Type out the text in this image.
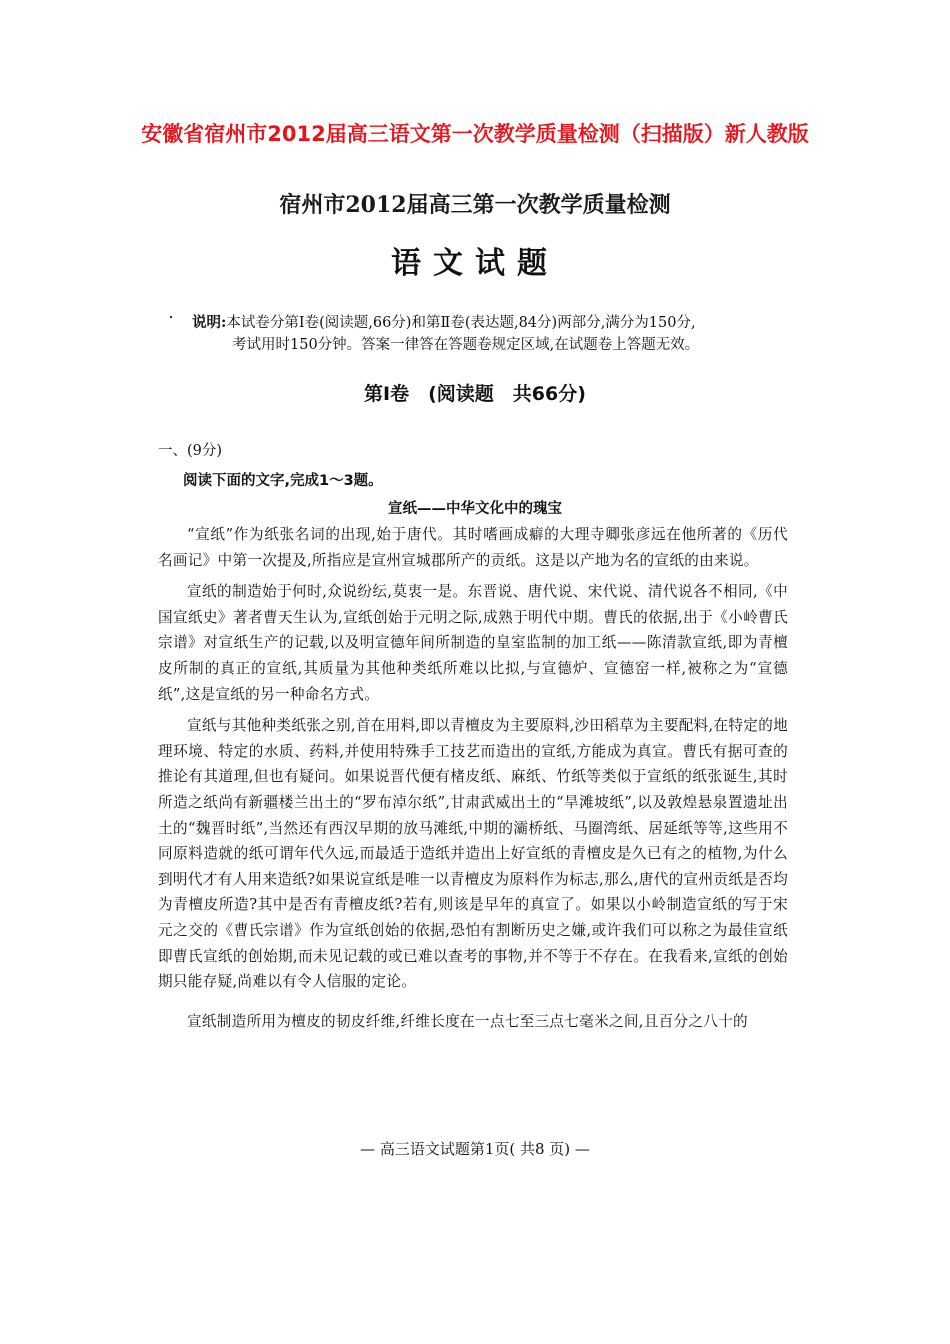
安徽省宿州市2012届高三语文第一次教学质量检测（扫描版）新人教版
宿州市2012届高三第一次教学质量检测
语文试题
说明:本试卷分第Ⅰ卷(阅读题,66分)和第Ⅱ卷(表达题,84分)两部分,满分为150分,
考试用时150分钟。答案一律答在答题卷规定区域,在试题卷上答题无效。
第Ⅰ卷　(阅读题　共66分)
一、(9分)
阅读下面的文字,完成1～3题。
宣纸——中华文化中的瑰宝

“宣纸”作为纸张名词的出现,始于唐代。其时嗜画成癖的大理寺卿张彦远在他所著的《历代名画记》中第一次提及,所指应是宣州宣城郡所产的贡纸。这是以产地为名的宣纸的由来说。

宣纸的制造始于何时,众说纷纭,莫衷一是。东晋说、唐代说、宋代说、清代说各不相同,《中国宣纸史》著者曹天生认为,宣纸创始于元明之际,成熟于明代中期。曹氏的依据,出于《小岭曹氏宗谱》对宣纸生产的记载,以及明宣德年间所制造的皇室监制的加工纸——陈清款宣纸,即为青檀皮所制的真正的宣纸,其质量为其他种类纸所难以比拟,与宣德炉、宣德窑一样,被称之为“宣德纸”,这是宣纸的另一种命名方式。

宣纸与其他种类纸张之别,首在用料,即以青檀皮为主要原料,沙田稻草为主要配料,在特定的地理环境、特定的水质、药料,并使用特殊手工技艺而造出的宣纸,方能成为真宣。曹氏有据可查的推论有其道理,但也有疑问。如果说晋代便有楮皮纸、麻纸、竹纸等类似于宣纸的纸张诞生,其时所造之纸尚有新疆楼兰出土的“罗布淖尔纸”,甘肃武威出土的“旱滩坡纸”,以及敦煌悬泉置遗址出土的“魏晋时纸”,当然还有西汉早期的放马滩纸,中期的灞桥纸、马圈湾纸、居延纸等等,这些用不同原料造就的纸可谓年代久远,而最适于造纸并造出上好宣纸的青檀皮是久已有之的植物,为什么到明代才有人用来造纸?如果说宣纸是唯一以青檀皮为原料作为标志,那么,唐代的宣州贡纸是否均为青檀皮所造?其中是否有青檀皮纸?若有,则该是早年的真宣了。如果以小岭制造宣纸的写于宋元之交的《曹氏宗谱》作为宣纸创始的依据,恐怕有割断历史之嫌,或许我们可以称之为最佳宣纸即曹氏宣纸的创始期,而未见记载的或已难以查考的事物,并不等于不存在。在我看来,宣纸的创始期只能存疑,尚难以有令人信服的定论。

宣纸制造所用为檀皮的韧皮纤维,纤维长度在一点七至三点七毫米之间,且百分之八十的

— 高三语文试题第1页( 共8 页) —
